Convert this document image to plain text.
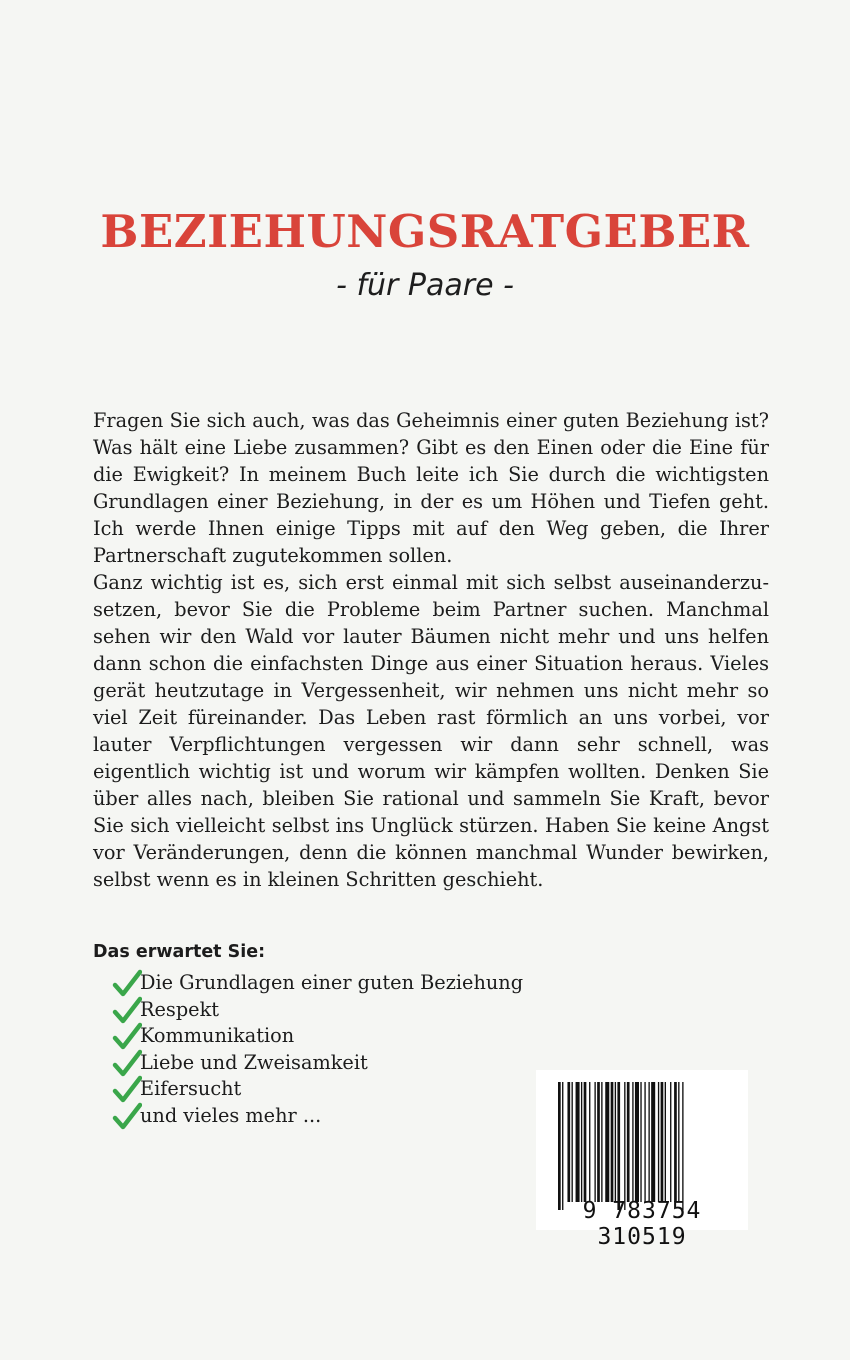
BEZIEHUNGSRATGEBER
- für Paare -

Fragen Sie sich auch, was das Geheimnis einer guten Beziehung ist? Was hält eine Liebe zusammen? Gibt es den Einen oder die Eine für die Ewigkeit? In meinem Buch leite ich Sie durch die wichtigsten Grundlagen einer Beziehung, in der es um Höhen und Tiefen geht. Ich werde Ihnen einige Tipps mit auf den Weg geben, die Ihrer Partnerschaft zugutekommen sollen.

Ganz wichtig ist es, sich erst einmal mit sich selbst auseinanderzusetzen, bevor Sie die Probleme beim Partner suchen. Manchmal sehen wir den Wald vor lauter Bäumen nicht mehr und uns helfen dann schon die einfachsten Dinge aus einer Situation heraus. Vieles gerät heutzutage in Vergessenheit, wir nehmen uns nicht mehr so viel Zeit füreinander. Das Leben rast förmlich an uns vorbei, vor lauter Verpflichtungen vergessen wir dann sehr schnell, was eigentlich wichtig ist und worum wir kämpfen wollten. Denken Sie über alles nach, bleiben Sie rational und sammeln Sie Kraft, bevor Sie sich vielleicht selbst ins Unglück stürzen. Haben Sie keine Angst vor Veränderungen, denn die können manchmal Wunder bewirken, selbst wenn es in kleinen Schritten geschieht.

Das erwartet Sie:
Die Grundlagen einer guten Beziehung
Respekt
Kommunikation
Liebe und Zweisamkeit
Eifersucht
und vieles mehr ...
9 783754 310519
